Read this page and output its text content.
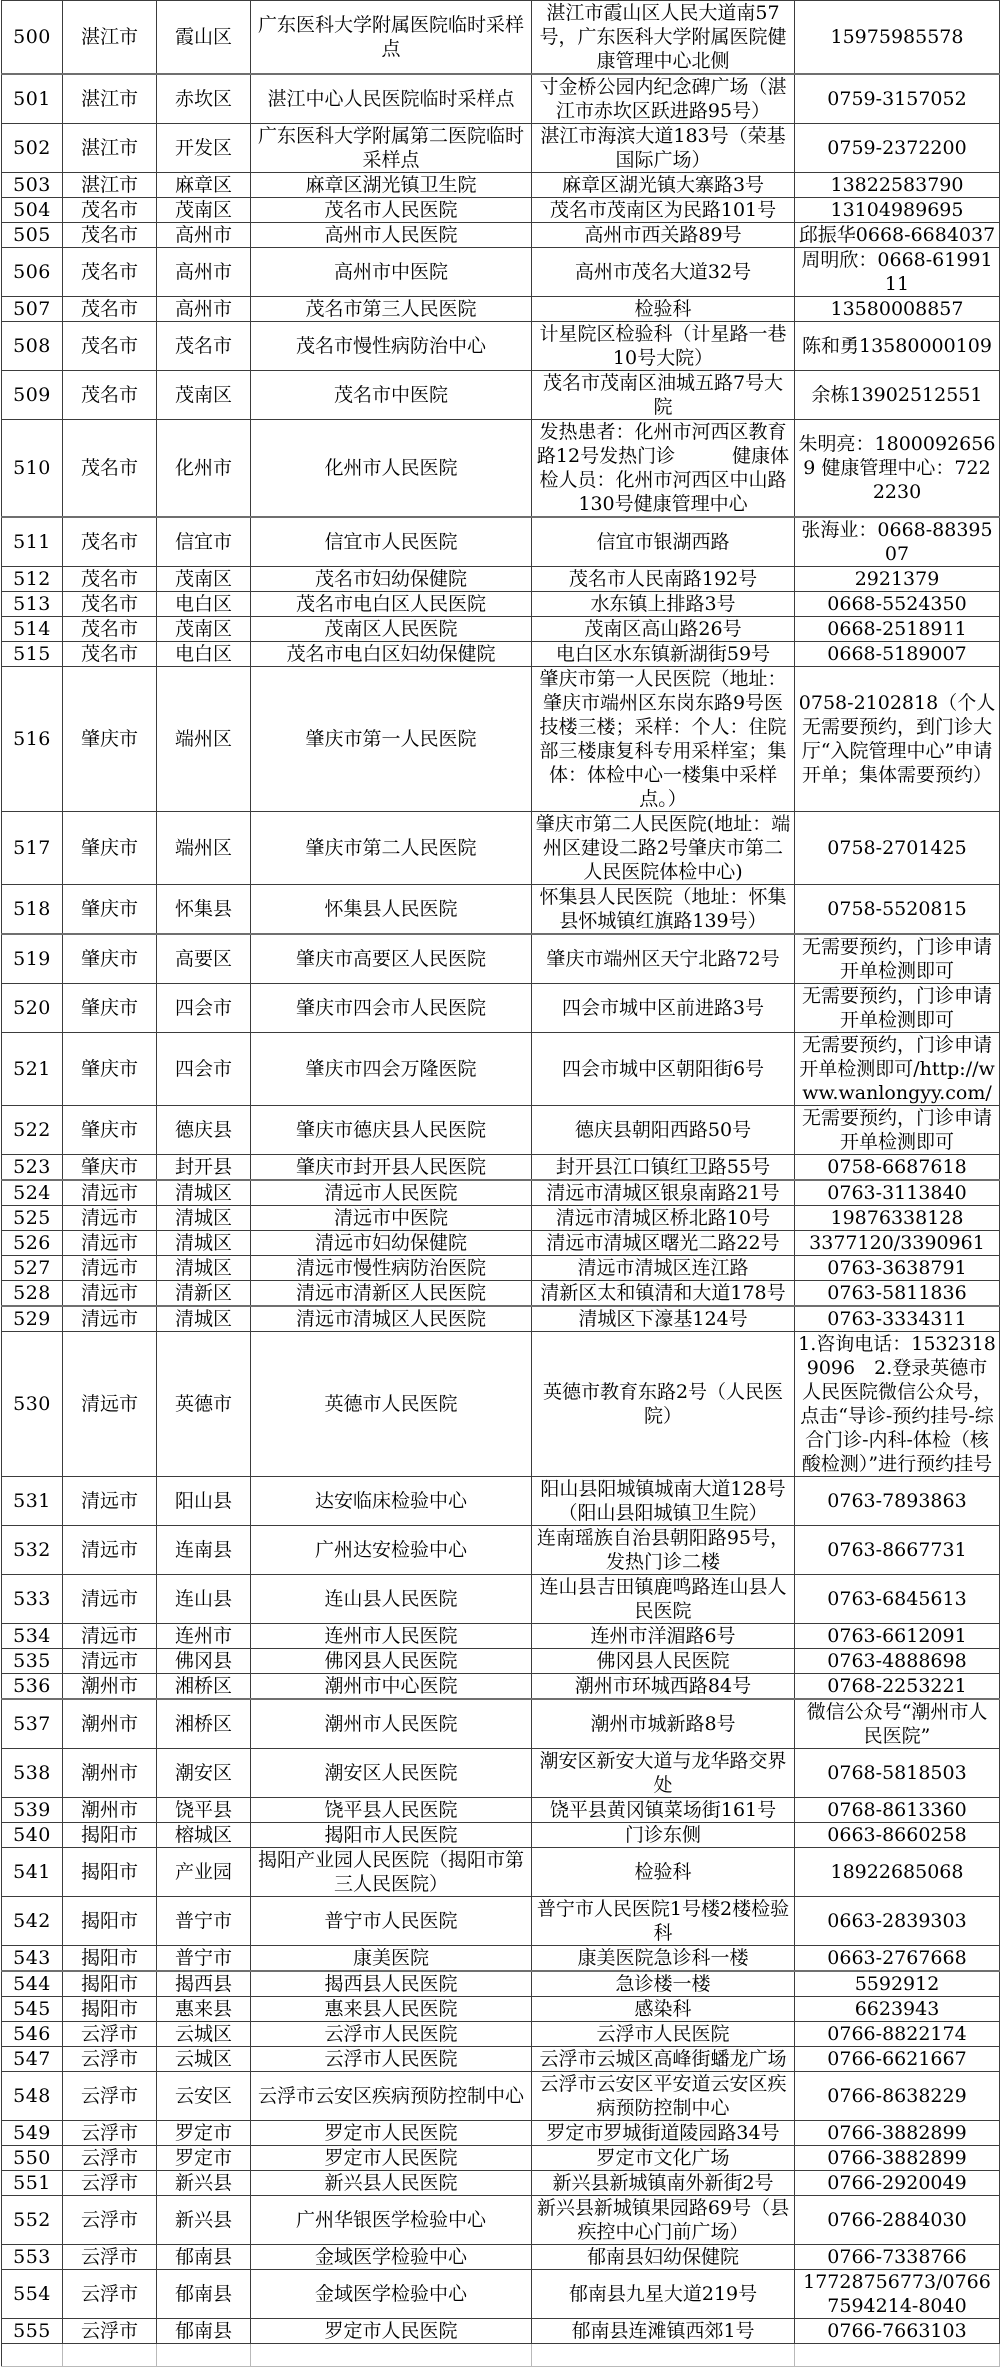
500	湛江市	霞山区	广东医科大学附属医院临时采样点	湛江市霞山区人民大道南57号，广东医科大学附属医院健康管理中心北侧	15975985578
501	湛江市	赤坎区	湛江中心人民医院临时采样点	寸金桥公园内纪念碑广场（湛江市赤坎区跃进路95号）	0759-3157052
502	湛江市	开发区	广东医科大学附属第二医院临时采样点	湛江市海滨大道183号（荣基国际广场）	0759-2372200
503	湛江市	麻章区	麻章区湖光镇卫生院	麻章区湖光镇大寨路3号	13822583790
504	茂名市	茂南区	茂名市人民医院	茂名市茂南区为民路101号	13104989695
505	茂名市	高州市	高州市人民医院	高州市西关路89号	邱振华0668-6684037
506	茂名市	高州市	高州市中医院	高州市茂名大道32号	周明欣：0668-6199111
507	茂名市	高州市	茂名市第三人民医院	检验科	13580008857
508	茂名市	茂名市	茂名市慢性病防治中心	计星院区检验科（计星路一巷10号大院）	陈和勇13580000109
509	茂名市	茂南区	茂名市中医院	茂名市茂南区油城五路7号大院	余栋13902512551
510	茂名市	化州市	化州市人民医院	发热患者：化州市河西区教育路12号发热门诊　　　健康体检人员：化州市河西区中山路130号健康管理中心	朱明亮：18000926569 健康管理中心：7222230
511	茂名市	信宜市	信宜市人民医院	信宜市银湖西路	张海业：0668-8839507
512	茂名市	茂南区	茂名市妇幼保健院	茂名市人民南路192号	2921379
513	茂名市	电白区	茂名市电白区人民医院	水东镇上排路3号	0668-5524350
514	茂名市	茂南区	茂南区人民医院	茂南区高山路26号	0668-2518911
515	茂名市	电白区	茂名市电白区妇幼保健院	电白区水东镇新湖街59号	0668-5189007
516	肇庆市	端州区	肇庆市第一人民医院	肇庆市第一人民医院（地址：肇庆市端州区东岗东路9号医技楼三楼；采样：个人：住院部三楼康复科专用采样室；集体：体检中心一楼集中采样点。）	0758-2102818（个人无需要预约，到门诊大厅“入院管理中心”申请开单；集体需要预约）
517	肇庆市	端州区	肇庆市第二人民医院	肇庆市第二人民医院(地址：端州区建设二路2号肇庆市第二人民医院体检中心)	0758-2701425
518	肇庆市	怀集县	怀集县人民医院	怀集县人民医院（地址：怀集县怀城镇红旗路139号）	0758-5520815
519	肇庆市	高要区	肇庆市高要区人民医院	肇庆市端州区天宁北路72号	无需要预约，门诊申请开单检测即可
520	肇庆市	四会市	肇庆市四会市人民医院	四会市城中区前进路3号	无需要预约，门诊申请开单检测即可
521	肇庆市	四会市	肇庆市四会万隆医院	四会市城中区朝阳街6号	无需要预约，门诊申请开单检测即可/http://www.wanlongyy.com/
522	肇庆市	德庆县	肇庆市德庆县人民医院	德庆县朝阳西路50号	无需要预约，门诊申请开单检测即可
523	肇庆市	封开县	肇庆市封开县人民医院	封开县江口镇红卫路55号	0758-6687618
524	清远市	清城区	清远市人民医院	清远市清城区银泉南路21号	0763-3113840
525	清远市	清城区	清远市中医院	清远市清城区桥北路10号	19876338128
526	清远市	清城区	清远市妇幼保健院	清远市清城区曙光二路22号	3377120/3390961
527	清远市	清城区	清远市慢性病防治医院	清远市清城区连江路	0763-3638791
528	清远市	清新区	清远市清新区人民医院	清新区太和镇清和大道178号	0763-5811836
529	清远市	清城区	清远市清城区人民医院	清城区下濠基124号	0763-3334311
530	清远市	英德市	英德市人民医院	英德市教育东路2号（人民医院）	1.咨询电话：15323189096　2.登录英德市人民医院微信公众号，点击“导诊-预约挂号-综合门诊-内科-体检（核酸检测）”进行预约挂号
531	清远市	阳山县	达安临床检验中心	阳山县阳城镇城南大道128号（阳山县阳城镇卫生院）	0763-7893863
532	清远市	连南县	广州达安检验中心	连南瑶族自治县朝阳路95号，发热门诊二楼	0763-8667731
533	清远市	连山县	连山县人民医院	连山县吉田镇鹿鸣路连山县人民医院	0763-6845613
534	清远市	连州市	连州市人民医院	连州市洋湄路6号	0763-6612091
535	清远市	佛冈县	佛冈县人民医院	佛冈县人民医院	0763-4888698
536	潮州市	湘桥区	潮州市中心医院	潮州市环城西路84号	0768-2253221
537	潮州市	湘桥区	潮州市人民医院	潮州市城新路8号	微信公众号“潮州市人民医院”
538	潮州市	潮安区	潮安区人民医院	潮安区新安大道与龙华路交界处	0768-5818503
539	潮州市	饶平县	饶平县人民医院	饶平县黄冈镇菜场街161号	0768-8613360
540	揭阳市	榕城区	揭阳市人民医院	门诊东侧	0663-8660258
541	揭阳市	产业园	揭阳产业园人民医院（揭阳市第三人民医院）	检验科	18922685068
542	揭阳市	普宁市	普宁市人民医院	普宁市人民医院1号楼2楼检验科	0663-2839303
543	揭阳市	普宁市	康美医院	康美医院急诊科一楼	0663-2767668
544	揭阳市	揭西县	揭西县人民医院	急诊楼一楼	5592912
545	揭阳市	惠来县	惠来县人民医院	感染科	6623943
546	云浮市	云城区	云浮市人民医院	云浮市人民医院	0766-8822174
547	云浮市	云城区	云浮市人民医院	云浮市云城区高峰街蟠龙广场	0766-6621667
548	云浮市	云安区	云浮市云安区疾病预防控制中心	云浮市云安区平安道云安区疾病预防控制中心	0766-8638229
549	云浮市	罗定市	罗定市人民医院	罗定市罗城街道陵园路34号	0766-3882899
550	云浮市	罗定市	罗定市人民医院	罗定市文化广场	0766-3882899
551	云浮市	新兴县	新兴县人民医院	新兴县新城镇南外新街2号	0766-2920049
552	云浮市	新兴县	广州华银医学检验中心	新兴县新城镇果园路69号（县疾控中心门前广场）	0766-2884030
553	云浮市	郁南县	金域医学检验中心	郁南县妇幼保健院	0766-7338766
554	云浮市	郁南县	金域医学检验中心	郁南县九星大道219号	17728756773/07667594214-8040
555	云浮市	郁南县	罗定市人民医院	郁南县连滩镇西郊1号	0766-7663103
